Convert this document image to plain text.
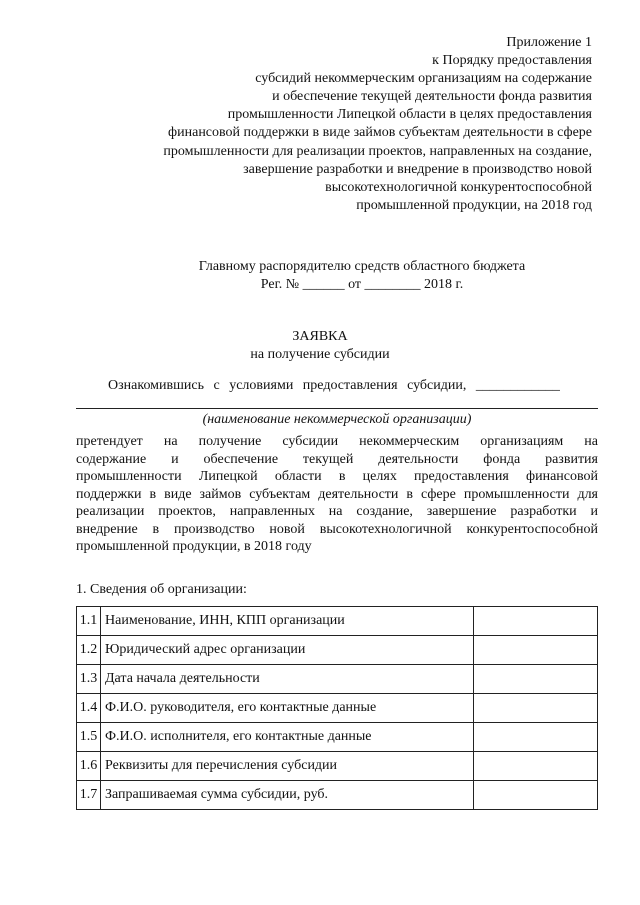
Приложение 1
к Порядку предоставления
субсидий некоммерческим организациям на содержание
и обеспечение текущей деятельности фонда развития
промышленности Липецкой области в целях предоставления
финансовой поддержки в виде займов субъектам деятельности в сфере
промышленности для реализации проектов, направленных на создание,
завершение разработки и внедрение в производство новой
высокотехнологичной конкурентоспособной
промышленной продукции, на 2018 год
Главному распорядителю средств областного бюджета
Рег. № ______ от ________ 2018 г.
ЗАЯВКА
на получение субсидии
Ознакомившись с условиями предоставления субсидии, ____________
(наименование некоммерческой организации)
претендует на получение субсидии некоммерческим организациям на
содержание и обеспечение текущей деятельности фонда развития
промышленности Липецкой области в целях предоставления финансовой
поддержки в виде займов субъектам деятельности в сфере промышленности для
реализации проектов, направленных на создание, завершение разработки и
внедрение в производство новой высокотехнологичной конкурентоспособной
промышленной продукции, в 2018 году
1. Сведения об организации:
1.1	Наименование, ИНН, КПП организации	
1.2	Юридический адрес организации	
1.3	Дата начала деятельности	
1.4	Ф.И.О. руководителя, его контактные данные	
1.5	Ф.И.О. исполнителя, его контактные данные	
1.6	Реквизиты для перечисления субсидии	
1.7	Запрашиваемая сумма субсидии, руб.	
